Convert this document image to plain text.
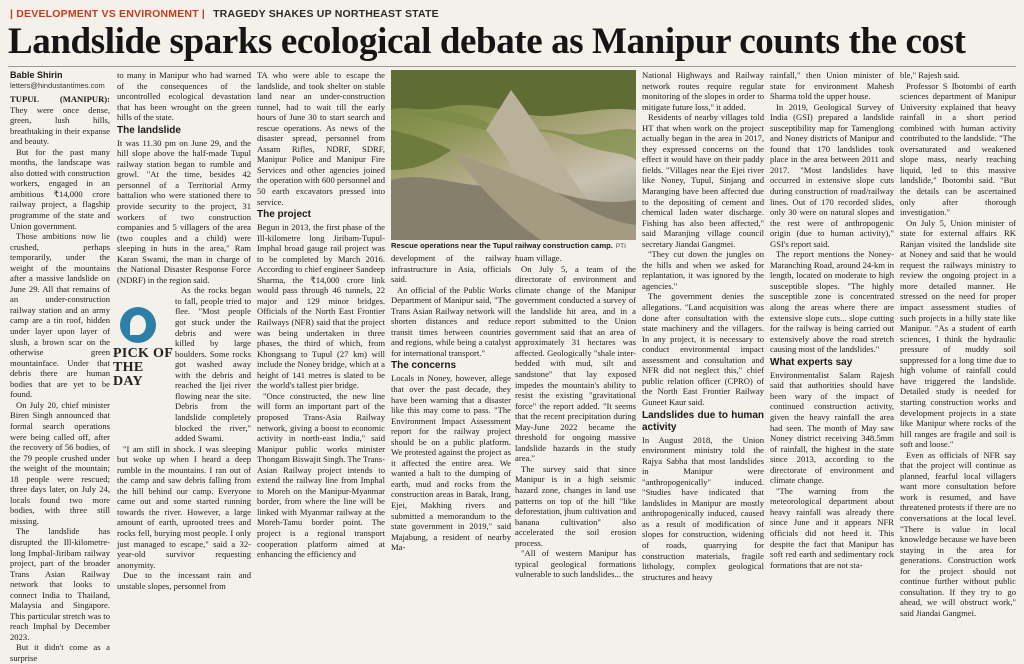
| DEVELOPMENT VS ENVIRONMENT | TRAGEDY SHAKES UP NORTHEAST STATE
Landslide sparks ecological debate as Manipur counts the cost
Bable Shirin
letters@hindustantimes.com

TUPUL (MANIPUR): They were once dense, green, lush hills, breathtaking in their expanse and beauty.

But for the past many months, the landscape was also dotted with construction workers, engaged in an ambitious ₹14,000 crore railway project, a flagship programme of the state and Union government.

Those ambitions now lie crushed, perhaps temporarily, under the weight of the mountains after a massive landslide on June 29. All that remains of an under-construction railway station and an army camp are a tin roof, hidden under layer upon layer of slush, a brown scar on the otherwise green mountainface. Under that debris there are human bodies that are yet to be found.

On July 20, chief minister Biren Singh announced that formal search operations were being called off, after the recovery of 56 bodies, of the 79 people crushed under the weight of the mountain; 18 people were rescued; three days later, on July 24, locals found two more bodies, with three still missing.

The landslide has disrupted the Ill-kilometre-long Imphal-Jiribam railway project, part of the broader Trans Asian Railway network that looks to connect India to Thailand, Malaysia and Singapore. This particular stretch was to reach Imphal by December 2023.

But it didn't come as a surprise

PICK OF THE DAY

to many in Manipur who had warned of the consequences of the uncontrolled ecological devastation that has been wrought on the green hills of the state.

The landslide

It was 11.30 pm on June 29, and the hill slope above the half-made Tupul railway station began to rumble and growl. "At the time, besides 42 personnel of a Territorial Army battalion who were stationed there to provide security to the project, 31 workers of two construction companies and 5 villagers of the area (two couples and a child) were sleeping in huts in the area," Ram Karan Swami, the man in charge of the National Disaster Response Force (NDRF) in the region said.

As the rocks began to fall, people tried to flee. "Most people got stuck under the debris and were killed by large boulders. Some rocks got washed away with the debris and reached the Ijei river flowing near the site. Debris from the landslide completely blocked the river," added Swami.

"I am still in shock. I was sleeping but woke up when I heard a deep rumble in the mountains. I ran out of the camp and saw debris falling from the hill behind our camp. Everyone came out and some started running towards the river. However, a large amount of earth, uprooted trees and rocks fell, burying most people. I only just managed to escape," said a 32-year-old survivor requesting anonymity.

Due to the incessant rain and unstable slopes, personnel from

TA who were able to escape the landslide, and took shelter on stable land near an under-construction tunnel, had to wait till the early hours of June 30 to start search and rescue operations. As news of the disaster spread, personnel from Assam Rifles, NDRF, SDRF, Manipur Police and Manipur Fire Services and other agencies joined the operation with 600 personnel and 50 earth excavators pressed into service.

The project

Begun in 2013, the first phase of the Ill-kilometre long Jiribam-Tupul-Imphal broad gauge rail project was to be completed by March 2016. According to chief engineer Sandeep Sharma, the ₹14,000 crore link would pass through 46 tunnels, 22 major and 129 minor bridges. Officials of the North East Frontier Railways (NFR) said that the project was being undertaken in three phases, the third of which, from Khongsang to Tupul (27 km) will include the Noney bridge, which at a height of 141 metres is slated to be the world's tallest pier bridge.

"Once constructed, the new line will form an important part of the proposed Trans-Asia Railway network, giving a boost to economic activity in north-east India," said Manipur public works minister Thongam Biswajit Singh. The Trans-Asian Railway project intends to extend the railway line from Imphal to Moreh on the Manipur-Myanmar border, from where the line will be linked with Myanmar railway at the Moreh-Tamu border point. The project is a regional transport cooperation platform aimed at enhancing the efficiency and

Rescue operations near the Tupul railway construction camp. PTI

development of the railway infrastructure in Asia, officials said.

An official of the Public Works Department of Manipur said, "The Trans Asian Railway network will shorten distances and reduce transit times between countries and regions, while being a catalyst for international transport."

The concerns

Locals in Noney, however, allege that over the past decade, they have been warning that a disaster like this may come to pass. "The Environment Impact Assessment report for the railway project should be on a public platform. We protested against the project as it affected the entire area. We wanted a halt to the dumping of earth, mud and rocks from the construction areas in Barak, Irang, Ejei, Makhing rivers and submitted a memorandum to the state government in 2019," said Majabung, a resident of nearby Ma-

huam village.

On July 5, a team of the directorate of environment and climate change of the Manipur government conducted a survey of the landslide hit area, and in a report submitted to the Union government said that an area of approximately 31 hectares was affected. Geologically "shale inter-bedded with mud, silt and sandstone" that lay exposed impedes the mountain's ability to resist the existing "gravitational force" the report added. "It seems that the recent precipitation during May-June 2022 became the threshold for ongoing massive landslide hazards in the study area."

The survey said that since Manipur is in a high seismic hazard zone, changes in land use patterns on top of the hill "like deforestation, jhum cultivation and banana cultivation" also accelerated the soil erosion process.

"All of western Manipur has typical geological formations vulnerable to such landslides... the

National Highways and Railway network routes require regular monitoring of the slopes in order to mitigate future loss," it added.

Residents of nearby villages told HT that when work on the project actually began in the area in 2017, they expressed concerns on the effect it would have on their paddy fields. "Villages near the Ejei river like Noney, Tupul, Sinjang and Maranging have been affected due to the depositing of cement and chemical laden water discharge. Fishing has also been affected," said Maranjing village council secretary Jiandai Gangmei.

"They cut down the jungles on the hills and when we asked for replantation, it was ignored by the agencies."

The government denies the allegations. "Land acquisition was done after consultation with the state machinery and the villagers. In any project, it is necessary to conduct environmental impact assessment and consultation and NFR did not neglect this," chief public relation officer (CPRO) of the North East Frontier Railway Guneet Kaur said.

Landslides due to human activity

In August 2018, the Union environment ministry told the Rajya Sabha that most landslides in Manipur were "anthropogenically" induced. "Studies have indicated that landslides in Manipur are mostly anthropogenically induced, caused as a result of modification of slopes for construction, widening of roads, quarrying for construction materials, fragile lithology, complex geological structures and heavy

rainfall," then Union minister of state for environment Mahesh Sharma told the upper house.

In 2019, Geological Survey of India (GSI) prepared a landslide susceptibility map for Tamenglong and Noney districts of Manipur and found that 170 landslides took place in the area between 2011 and 2017. "Most landslides have occurred in extensive slope cuts during construction of road/railway lines. Out of 170 recorded slides, only 30 were on natural slopes and the rest were of anthropogenic origin (due to human activity)," GSI's report said.

The report mentions the Noney-Maranching Road, around 24-km in length, located on moderate to high susceptible slopes. "The highly susceptible zone is concentrated along the areas where there are extensive slope cuts... slope cutting for the railway is being carried out extensively above the road stretch causing most of the landslides."

What experts say

Environmentalist Salam Rajesh said that authorities should have been wary of the impact of continued construction activity, given the heavy rainfall the area had seen. The month of May saw Noney district receiving 348.5mm of rainfall, the highest in the state since 2013, according to the directorate of environment and climate change.

"The warning from the meteorological department about heavy rainfall was already there since June and it appears NFR officials did not heed it. This despite the fact that Manipur has soft red earth and sedimentary rock formations that are not sta-

ble," Rajesh said.

Professor S Ibotombi of earth sciences department of Manipur University explained that heavy rainfall in a short period combined with human activity contributed to the landslide. "The oversaturated and weakened slope mass, nearly reaching liquid, led to this massive landslide," Ibotombi said. "But the details can be ascertained only after thorough investigation."

On July 5, Union minister of state for external affairs RK Ranjan visited the landslide site at Noney and said that he would request the railways ministry to review the ongoing project in a more detailed manner. He stressed on the need for proper impact assessment studies of such projects in a hilly state like Manipur. "As a student of earth sciences, I think the hydraulic pressure of muddy soil suppressed for a long time due to high volume of rainfall could have triggered the landslide. Detailed study is needed for starting construction works and development projects in a state like Manipur where rocks of the hill ranges are fragile and soil is soft and loose."

Even as officials of NFR say that the project will continue as planned, fearful local villagers want more consultation before work is resumed, and have threatened protests if there are no conversations at the local level. "There is value in local knowledge because we have been staying in the area for generations. Construction work for the project should not continue further without public consultation. If they try to go ahead, we will obstruct work," said Jiandai Gangmei.
